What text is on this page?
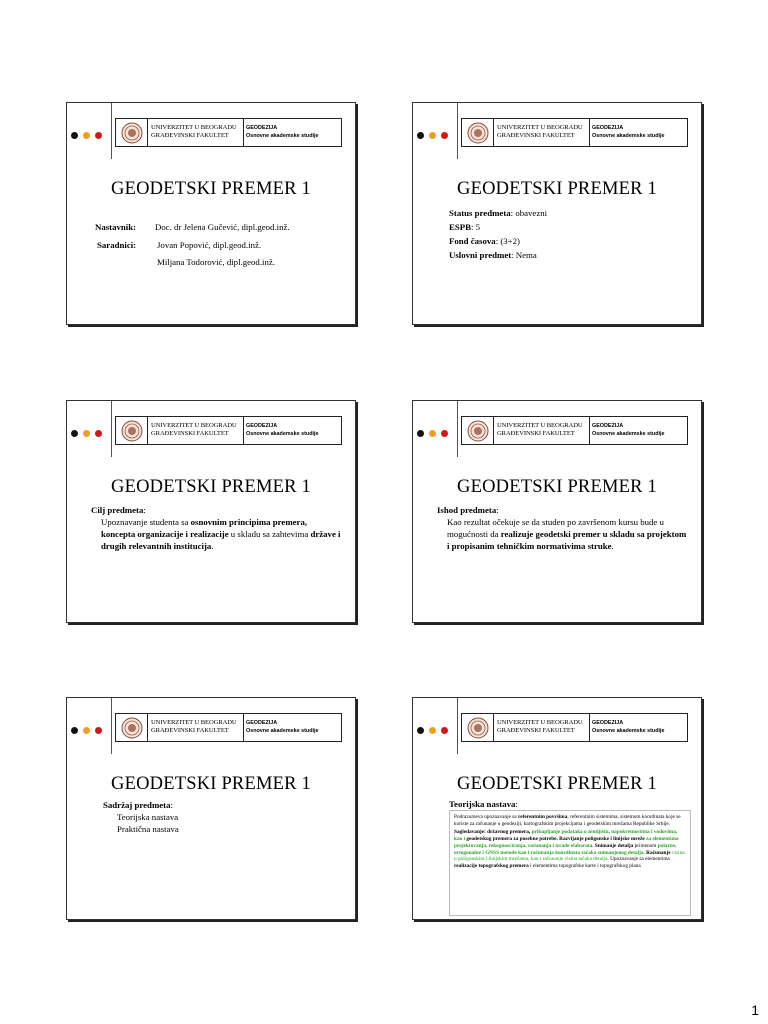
UNIVERZITET U BEOGRADU
GRAĐEVINSKI FAKULTET
GEODEZIJA
Osnovne akademske studije
GEODETSKI PREMER 1
Nastavnik: Doc. dr Jelena Gučević, dipl.geod.inž.
Saradnici: Jovan Popović, dipl.geod.inž.
Miljana Todorović, dipl.geod.inž.
UNIVERZITET U BEOGRADU
GRAĐEVINSKI FAKULTET
GEODEZIJA
Osnovne akademske studije
GEODETSKI PREMER 1
Status predmeta: obavezni
ESPB: 5
Fond časova: (3+2)
Uslovni predmet: Nema
UNIVERZITET U BEOGRADU
GRAĐEVINSKI FAKULTET
GEODEZIJA
Osnovne akademske studije
GEODETSKI PREMER 1
Cilj predmeta:
Upoznavanje studenta sa osnovnim principima premera, koncepta organizacije i realizacije u skladu sa zahtevima države i drugih relevantnih institucija.
UNIVERZITET U BEOGRADU
GRAĐEVINSKI FAKULTET
GEODEZIJA
Osnovne akademske studije
GEODETSKI PREMER 1
Ishod predmeta:
Kao rezultat očekuje se da studen po završenom kursu bude u mogućnosti da realizuje geodetski premer u skladu sa projektom i propisanim tehničkim normativima struke.
UNIVERZITET U BEOGRADU
GRAĐEVINSKI FAKULTET
GEODEZIJA
Osnovne akademske studije
GEODETSKI PREMER 1
Sadržaj predmeta:
Teorijska nastava
Praktična nastava
UNIVERZITET U BEOGRADU
GRAĐEVINSKI FAKULTET
GEODEZIJA
Osnovne akademske studije
GEODETSKI PREMER 1
Teorijska nastava:

Podrazumeva upoznavanje sa referentnim površima, referentnim sistemima, sistemom koordinata koje se koriste za računanje u geodeziji, kartografskim projekcijama i geodetskim mrežama Republike Srbije.

Sagledavanje: državnog premera, prikupljanje podataka o zemljištu, napokretnostima i vodovima, kao i geodetskog premera za posebne potrebe. Razvijanje poligonske i linijske mreže za elementima projektovanja, rekognosciranja, računanja i izrade elaborata. Snimanje detalja primenom polarne, ortogonalne i GNSS metode kao i računanja koordinata tačaka snimanjenog detalja. Računanje visina u poligonskim i linijskim mrežama, kao i računanje visina tačaka detalja. Upoznavanje sa elementima realizacije topografskog premera i elementima topografske karte i topografskog plana

1
